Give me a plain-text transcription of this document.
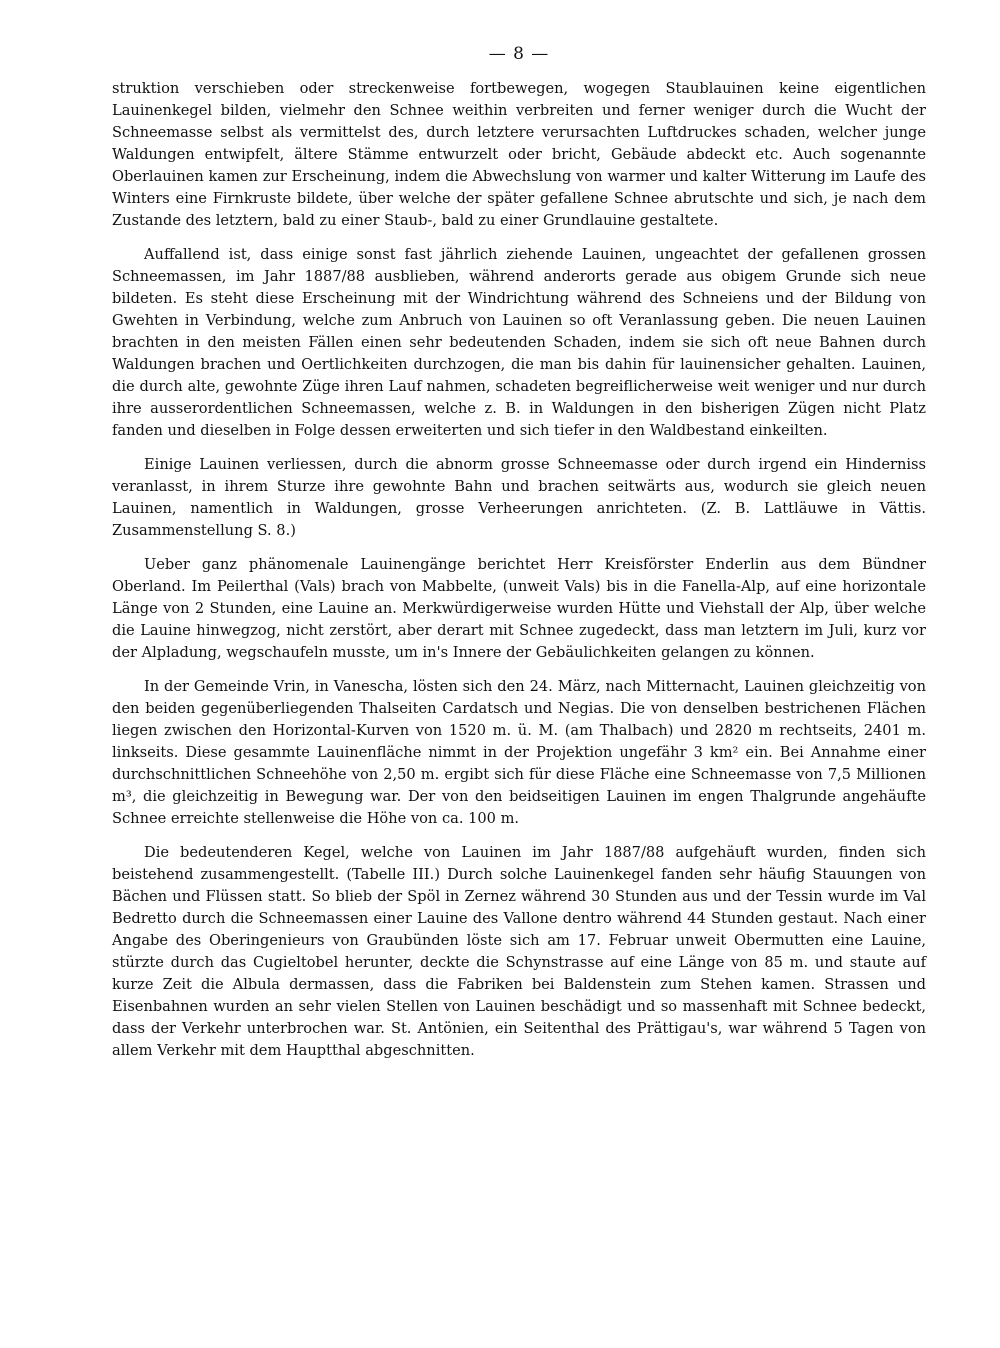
— 8 —

struktion verschieben oder streckenweise fortbewegen, wogegen Staublauinen keine eigentlichen Lauinenkegel bilden, vielmehr den Schnee weithin verbreiten und ferner weniger durch die Wucht der Schneemasse selbst als vermittelst des, durch letztere verursachten Luftdruckes schaden, welcher junge Waldungen entwipfelt, ältere Stämme entwurzelt oder bricht, Gebäude abdeckt etc. Auch sogenannte Oberlauinen kamen zur Erscheinung, indem die Abwechslung von warmer und kalter Witterung im Laufe des Winters eine Firnkruste bildete, über welche der später gefallene Schnee abrutschte und sich, je nach dem Zustande des letztern, bald zu einer Staub-, bald zu einer Grundlauine gestaltete.

Auffallend ist, dass einige sonst fast jährlich ziehende Lauinen, ungeachtet der gefallenen grossen Schneemassen, im Jahr 1887/88 ausblieben, während anderorts gerade aus obigem Grunde sich neue bildeten. Es steht diese Erscheinung mit der Windrichtung während des Schneiens und der Bildung von Gwehten in Verbindung, welche zum Anbruch von Lauinen so oft Veranlassung geben. Die neuen Lauinen brachten in den meisten Fällen einen sehr bedeutenden Schaden, indem sie sich oft neue Bahnen durch Waldungen brachen und Oertlichkeiten durchzogen, die man bis dahin für lauinensicher gehalten. Lauinen, die durch alte, gewohnte Züge ihren Lauf nahmen, schadeten begreiflicherweise weit weniger und nur durch ihre ausserordentlichen Schneemassen, welche z. B. in Waldungen in den bisherigen Zügen nicht Platz fanden und dieselben in Folge dessen erweiterten und sich tiefer in den Waldbestand einkeilten.

Einige Lauinen verliessen, durch die abnorm grosse Schneemasse oder durch irgend ein Hinderniss veranlasst, in ihrem Sturze ihre gewohnte Bahn und brachen seitwärts aus, wodurch sie gleich neuen Lauinen, namentlich in Waldungen, grosse Verheerungen anrichteten. (Z. B. Lattläuwe in Vättis. Zusammenstellung S. 8.)

Ueber ganz phänomenale Lauinengänge berichtet Herr Kreisförster Enderlin aus dem Bündner Oberland. Im Peilerthal (Vals) brach von Mabbelte, (unweit Vals) bis in die Fanella-Alp, auf eine horizontale Länge von 2 Stunden, eine Lauine an. Merkwürdigerweise wurden Hütte und Viehstall der Alp, über welche die Lauine hinwegzog, nicht zerstört, aber derart mit Schnee zugedeckt, dass man letztern im Juli, kurz vor der Alpladung, wegschaufeln musste, um in's Innere der Gebäulichkeiten gelangen zu können.

In der Gemeinde Vrin, in Vanescha, lösten sich den 24. März, nach Mitternacht, Lauinen gleichzeitig von den beiden gegenüberliegenden Thalseiten Cardatsch und Negias. Die von denselben bestrichenen Flächen liegen zwischen den Horizontal-Kurven von 1520 m. ü. M. (am Thalbach) und 2820 m rechtseits, 2401 m. linkseits. Diese gesammte Lauinenfläche nimmt in der Projektion ungefähr 3 km² ein. Bei Annahme einer durchschnittlichen Schneehöhe von 2,50 m. ergibt sich für diese Fläche eine Schneemasse von 7,5 Millionen m³, die gleichzeitig in Bewegung war. Der von den beidseitigen Lauinen im engen Thalgrunde angehäufte Schnee erreichte stellenweise die Höhe von ca. 100 m.

Die bedeutenderen Kegel, welche von Lauinen im Jahr 1887/88 aufgehäuft wurden, finden sich beistehend zusammengestellt. (Tabelle III.) Durch solche Lauinenkegel fanden sehr häufig Stauungen von Bächen und Flüssen statt. So blieb der Spöl in Zernez während 30 Stunden aus und der Tessin wurde im Val Bedretto durch die Schneemassen einer Lauine des Vallone dentro während 44 Stunden gestaut. Nach einer Angabe des Oberingenieurs von Graubünden löste sich am 17. Februar unweit Obermutten eine Lauine, stürzte durch das Cugieltobel herunter, deckte die Schynstrasse auf eine Länge von 85 m. und staute auf kurze Zeit die Albula dermassen, dass die Fabriken bei Baldenstein zum Stehen kamen. Strassen und Eisenbahnen wurden an sehr vielen Stellen von Lauinen beschädigt und so massenhaft mit Schnee bedeckt, dass der Verkehr unterbrochen war. St. Antönien, ein Seitenthal des Prättigau's, war während 5 Tagen von allem Verkehr mit dem Hauptthal abgeschnitten.
